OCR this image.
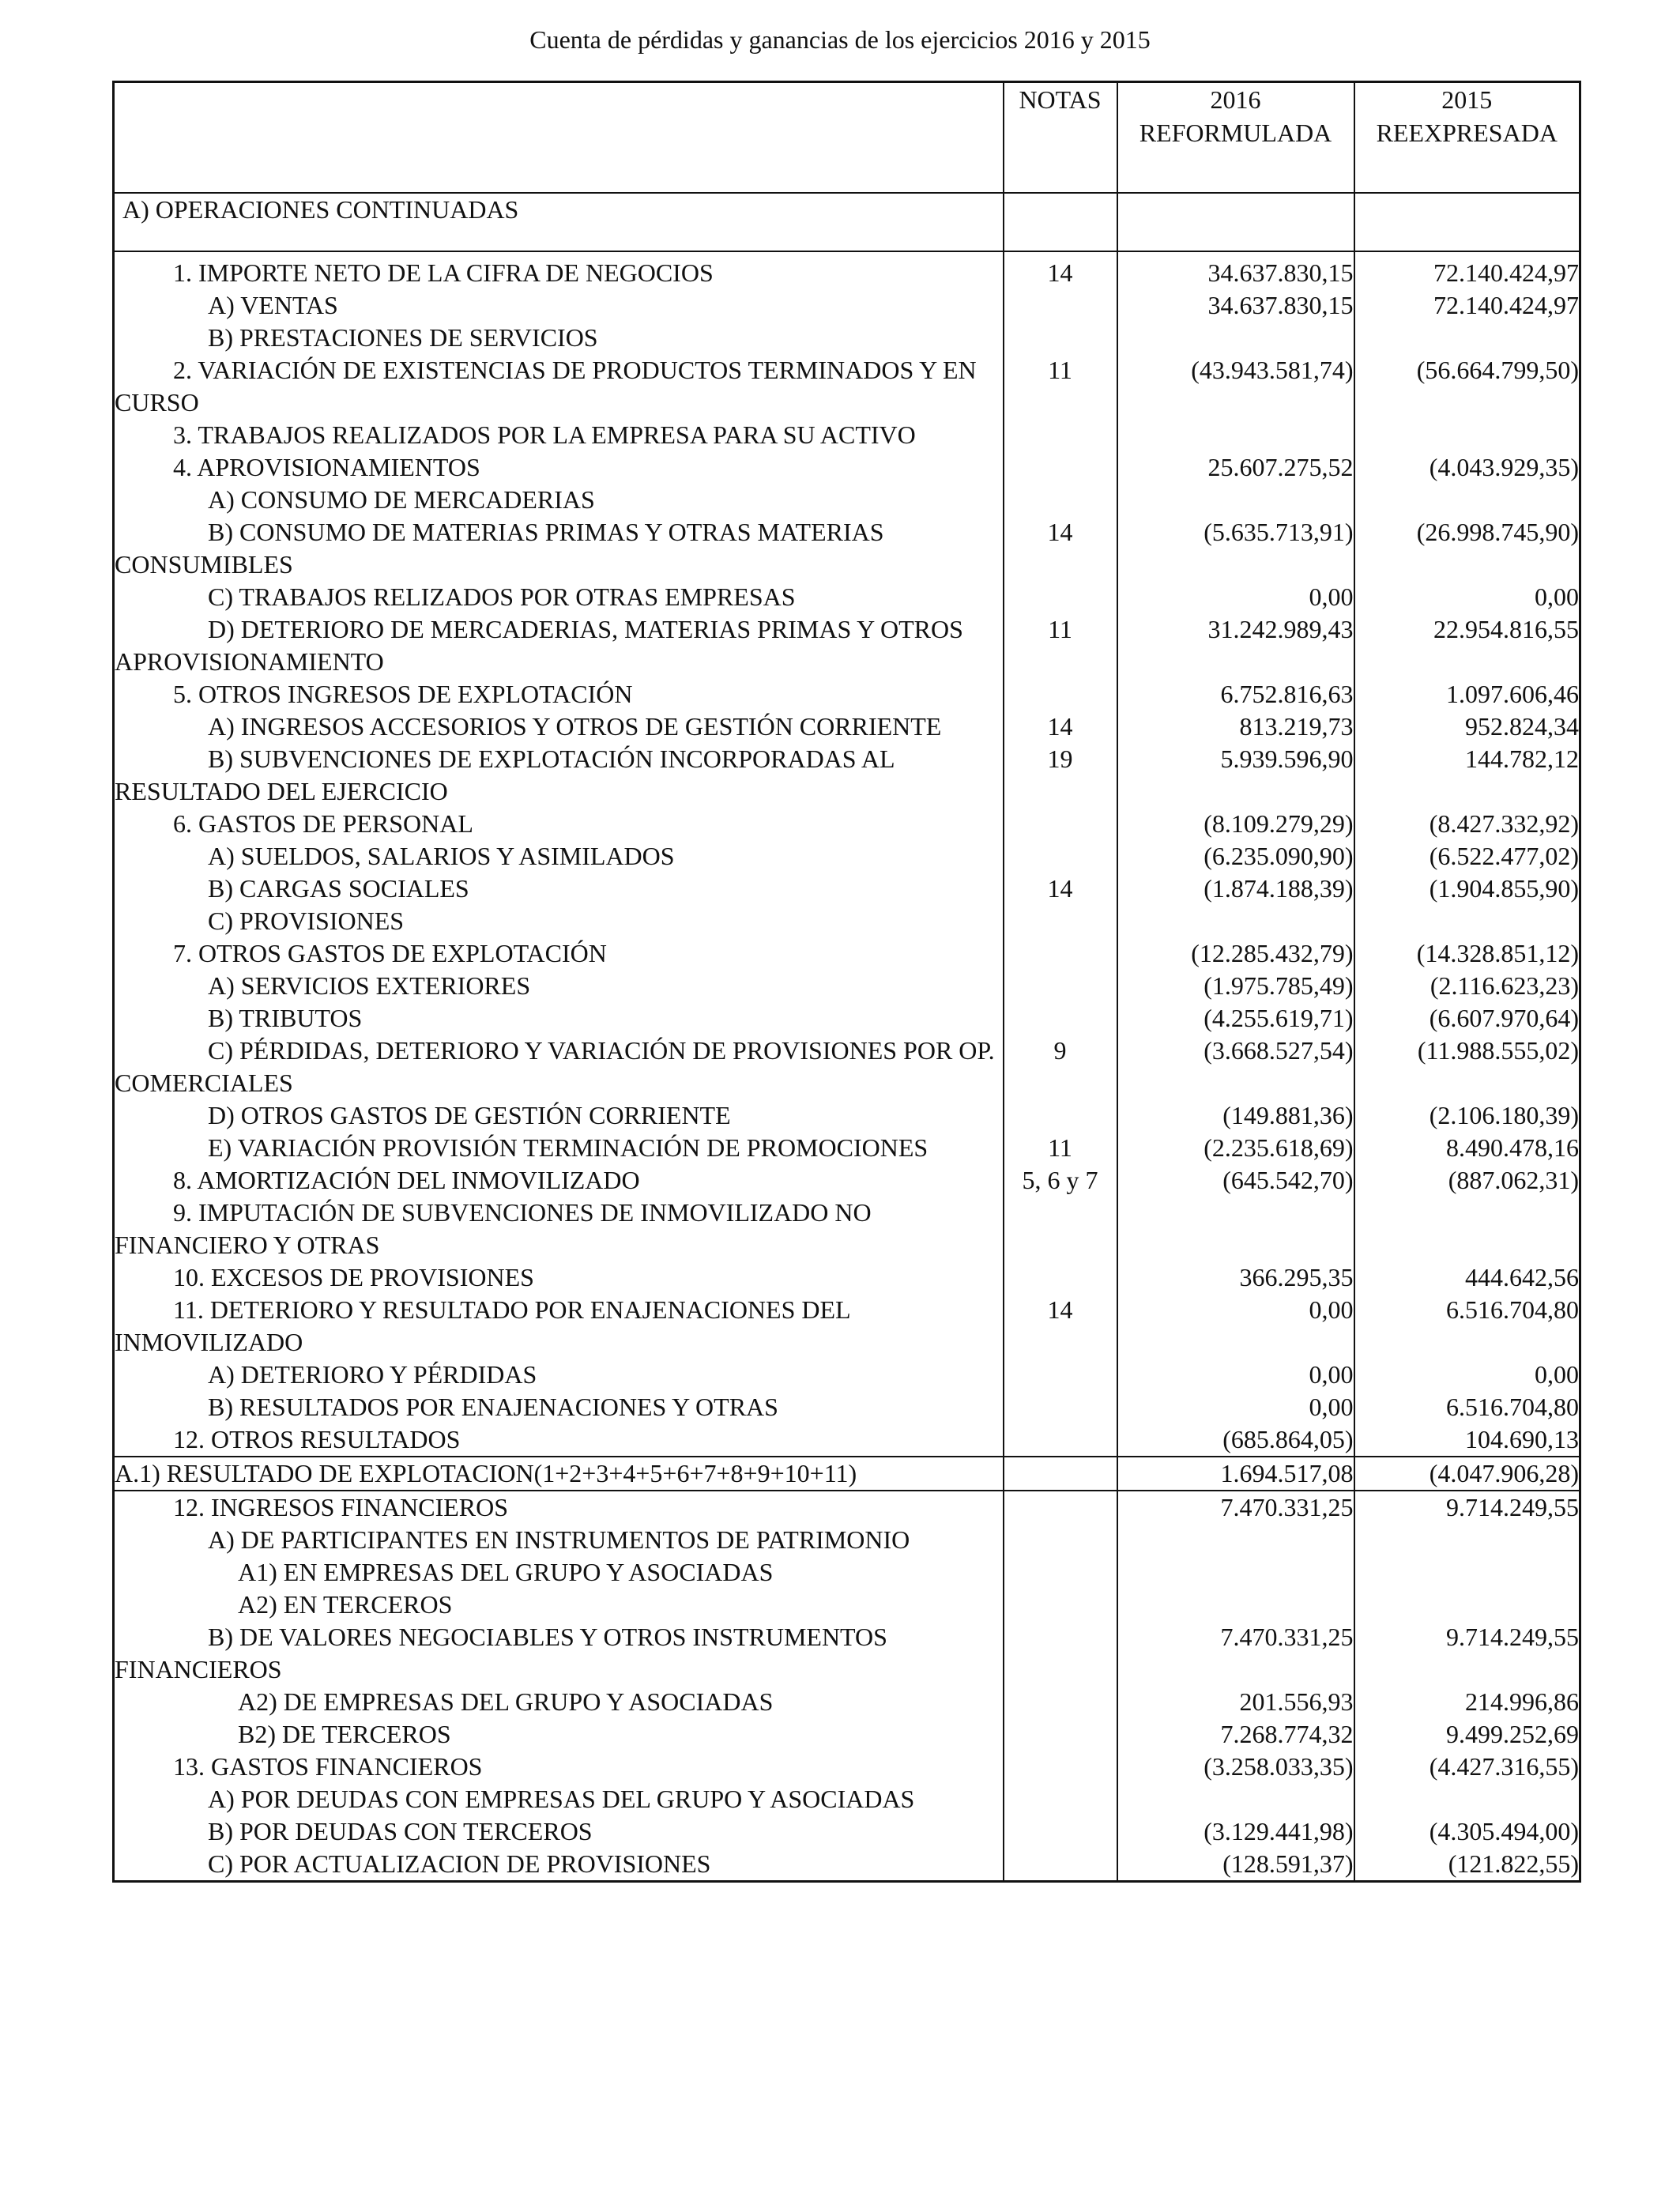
Cuenta de pérdidas y ganancias de los ejercicios 2016 y 2015
	NOTAS	2016
REFORMULADA	2015
REEXPRESADA
A) OPERACIONES CONTINUADAS			

1. IMPORTE NETO DE LA CIFRA DE NEGOCIOS	14	34.637.830,15	72.140.424,97

A) VENTAS		34.637.830,15	72.140.424,97

B) PRESTACIONES DE SERVICIOS			

2. VARIACIÓN DE EXISTENCIAS DE PRODUCTOS TERMINADOS Y EN CURSO	11	(43.943.581,74)	(56.664.799,50)

3. TRABAJOS REALIZADOS POR LA EMPRESA PARA SU ACTIVO			

4. APROVISIONAMIENTOS		25.607.275,52	(4.043.929,35)

A) CONSUMO DE MERCADERIAS			

B) CONSUMO DE MATERIAS PRIMAS Y OTRAS MATERIAS CONSUMIBLES	14	(5.635.713,91)	(26.998.745,90)

C) TRABAJOS RELIZADOS POR OTRAS EMPRESAS		0,00	0,00

D) DETERIORO DE MERCADERIAS, MATERIAS PRIMAS Y OTROS APROVISIONAMIENTO	11	31.242.989,43	22.954.816,55

5. OTROS INGRESOS DE EXPLOTACIÓN		6.752.816,63	1.097.606,46

A) INGRESOS ACCESORIOS Y OTROS DE GESTIÓN CORRIENTE	14	813.219,73	952.824,34

B) SUBVENCIONES DE EXPLOTACIÓN INCORPORADAS AL RESULTADO DEL EJERCICIO	19	5.939.596,90	144.782,12

6. GASTOS DE PERSONAL		(8.109.279,29)	(8.427.332,92)

A) SUELDOS, SALARIOS Y ASIMILADOS		(6.235.090,90)	(6.522.477,02)

B) CARGAS SOCIALES	14	(1.874.188,39)	(1.904.855,90)

C) PROVISIONES			

7. OTROS GASTOS DE EXPLOTACIÓN		(12.285.432,79)	(14.328.851,12)

A) SERVICIOS EXTERIORES		(1.975.785,49)	(2.116.623,23)

B) TRIBUTOS		(4.255.619,71)	(6.607.970,64)

C) PÉRDIDAS, DETERIORO Y VARIACIÓN DE PROVISIONES POR OP. COMERCIALES	9	(3.668.527,54)	(11.988.555,02)

D) OTROS GASTOS DE GESTIÓN CORRIENTE		(149.881,36)	(2.106.180,39)

E) VARIACIÓN PROVISIÓN TERMINACIÓN DE PROMOCIONES	11	(2.235.618,69)	8.490.478,16

8. AMORTIZACIÓN DEL INMOVILIZADO	5, 6 y 7	(645.542,70)	(887.062,31)

9. IMPUTACIÓN DE SUBVENCIONES DE INMOVILIZADO NO FINANCIERO Y OTRAS			

10. EXCESOS DE PROVISIONES		366.295,35	444.642,56

11. DETERIORO Y RESULTADO POR ENAJENACIONES DEL INMOVILIZADO	14	0,00	6.516.704,80

A) DETERIORO Y PÉRDIDAS		0,00	0,00

B) RESULTADOS POR ENAJENACIONES Y OTRAS		0,00	6.516.704,80

12. OTROS RESULTADOS		(685.864,05)	104.690,13

A.1) RESULTADO DE EXPLOTACION(1+2+3+4+5+6+7+8+9+10+11)		1.694.517,08	(4.047.906,28)

12. INGRESOS FINANCIEROS		7.470.331,25	9.714.249,55

A) DE PARTICIPANTES EN INSTRUMENTOS DE PATRIMONIO			

A1) EN EMPRESAS DEL GRUPO Y ASOCIADAS			

A2) EN TERCEROS			

B) DE VALORES NEGOCIABLES Y OTROS INSTRUMENTOS FINANCIEROS		7.470.331,25	9.714.249,55

A2) DE EMPRESAS DEL GRUPO Y ASOCIADAS		201.556,93	214.996,86

B2) DE TERCEROS		7.268.774,32	9.499.252,69

13. GASTOS FINANCIEROS		(3.258.033,35)	(4.427.316,55)

A) POR DEUDAS CON EMPRESAS DEL GRUPO Y ASOCIADAS			

B) POR DEUDAS CON TERCEROS		(3.129.441,98)	(4.305.494,00)

C) POR ACTUALIZACION DE PROVISIONES		(128.591,37)	(121.822,55)
